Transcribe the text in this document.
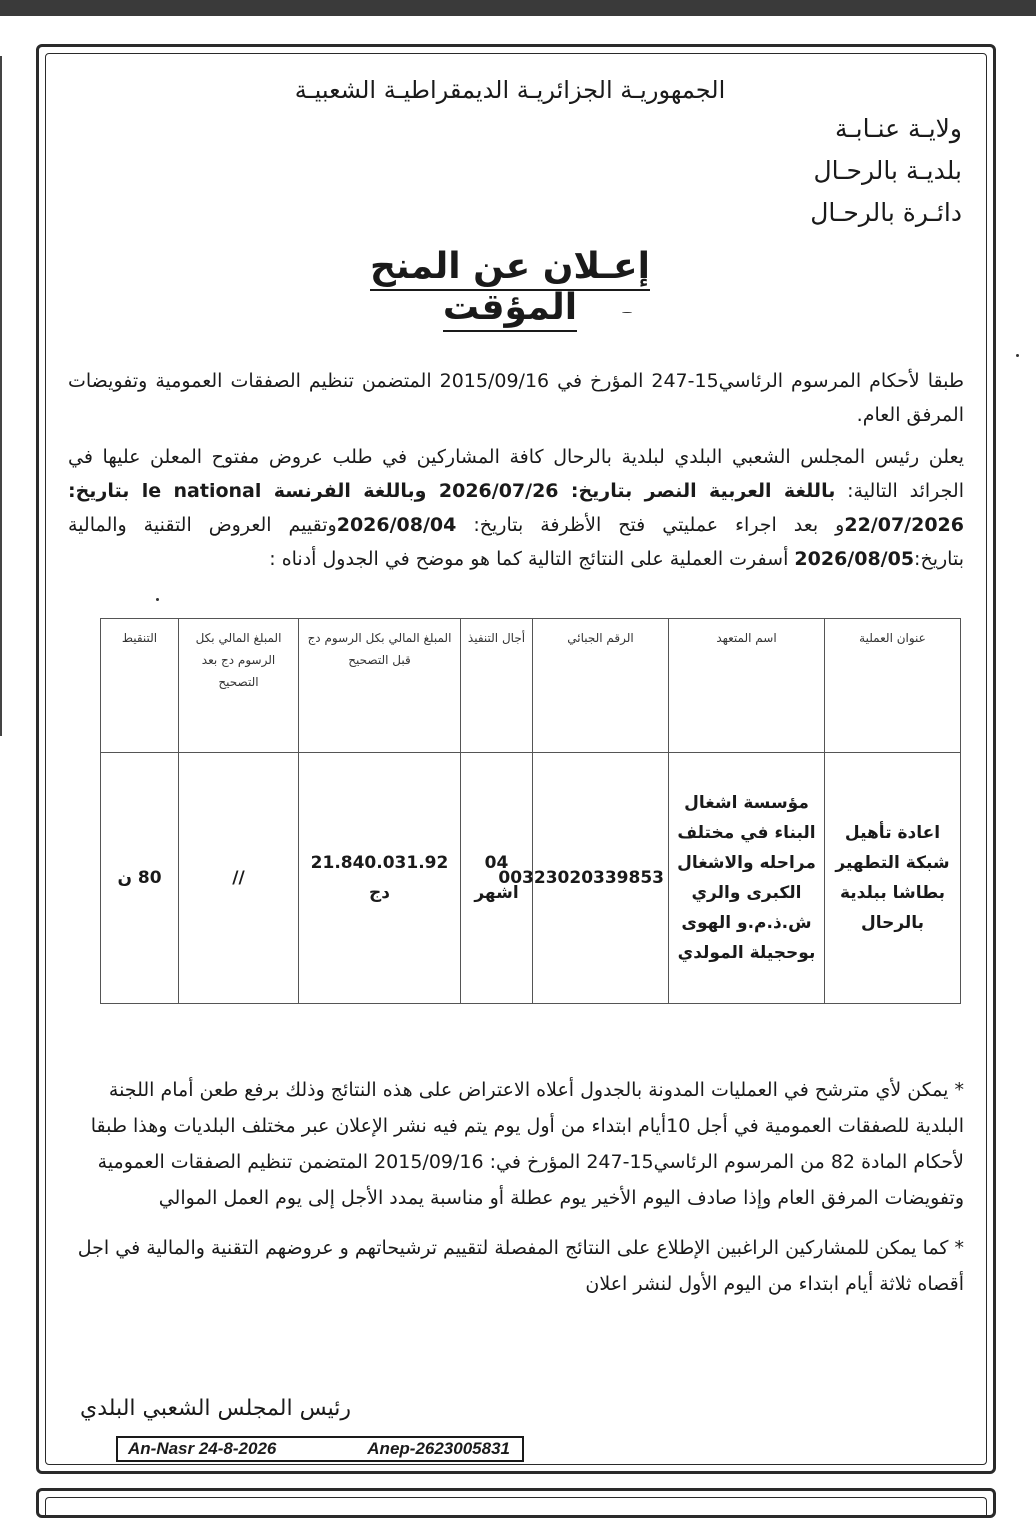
الجمهوريـة الجزائريـة الديمقراطيـة الشعبيـة
ولايـة عنـابـة
بلديـة بالرحـال
دائـرة بالرحـال
إعـلان عن المنح المؤقت
طبقا لأحكام المرسوم الرئاسي15-247 المؤرخ في 2015/09/16 المتضمن تنظيم الصفقات العمومية وتفويضات المرفق العام.
يعلن رئيس المجلس الشعبي البلدي لبلدية بالرحال كافة المشاركين في طلب عروض مفتوح المعلن عليها في الجرائد التالية: باللغة العربية النصر بتاريخ: 2026/07/26 وباللغة الفرنسة le national بتاريخ: 22/07/2026و بعد اجراء عمليتي فتح الأظرفة بتاريخ: 2026/08/04وتقييم العروض التقنية والمالية بتاريخ:2026/08/05 أسفرت العملية على النتائج التالية كما هو موضح في الجدول أدناه :
عنوان العملية	اسم المتعهد	الرقم الجبائي	أجال التنفيذ	المبلغ المالي بكل الرسوم دج قبل التصحيح	المبلغ المالي بكل الرسوم دج بعد التصحيح	التنقيط
اعادة تأهيل شبكة التطهير بطاشا ببلدية بالرحال	مؤسسة اشغال البناء في مختلف مراحله والاشغال الكبرى والري ش.ذ.م.و الهوى بوحجيلة المولدي	00323020339853	04 اشهر	21.840.031.92 دج	//	80 ن
* يمكن لأي مترشح في العمليات المدونة بالجدول أعلاه الاعتراض على هذه النتائج وذلك برفع طعن أمام اللجنة البلدية للصفقات العمومية في أجل 10أيام ابتداء من أول يوم يتم فيه نشر الإعلان عبر مختلف البلديات وهذا طبقا لأحكام المادة 82 من المرسوم الرئاسي15-247 المؤرخ في: 2015/09/16 المتضمن تنظيم الصفقات العمومية وتفويضات المرفق العام وإذا صادف اليوم الأخير يوم عطلة أو مناسبة يمدد الأجل إلى يوم العمل الموالي
* كما يمكن للمشاركين الراغبين الإطلاع على النتائج المفصلة لتقييم ترشيحاتهم و عروضهم التقنية والمالية في اجل أقصاه ثلاثة أيام ابتداء من اليوم الأول لنشر اعلان
رئيس المجلس الشعبي البلدي
An-Nasr 24-8-2026	Anep-2623005831
